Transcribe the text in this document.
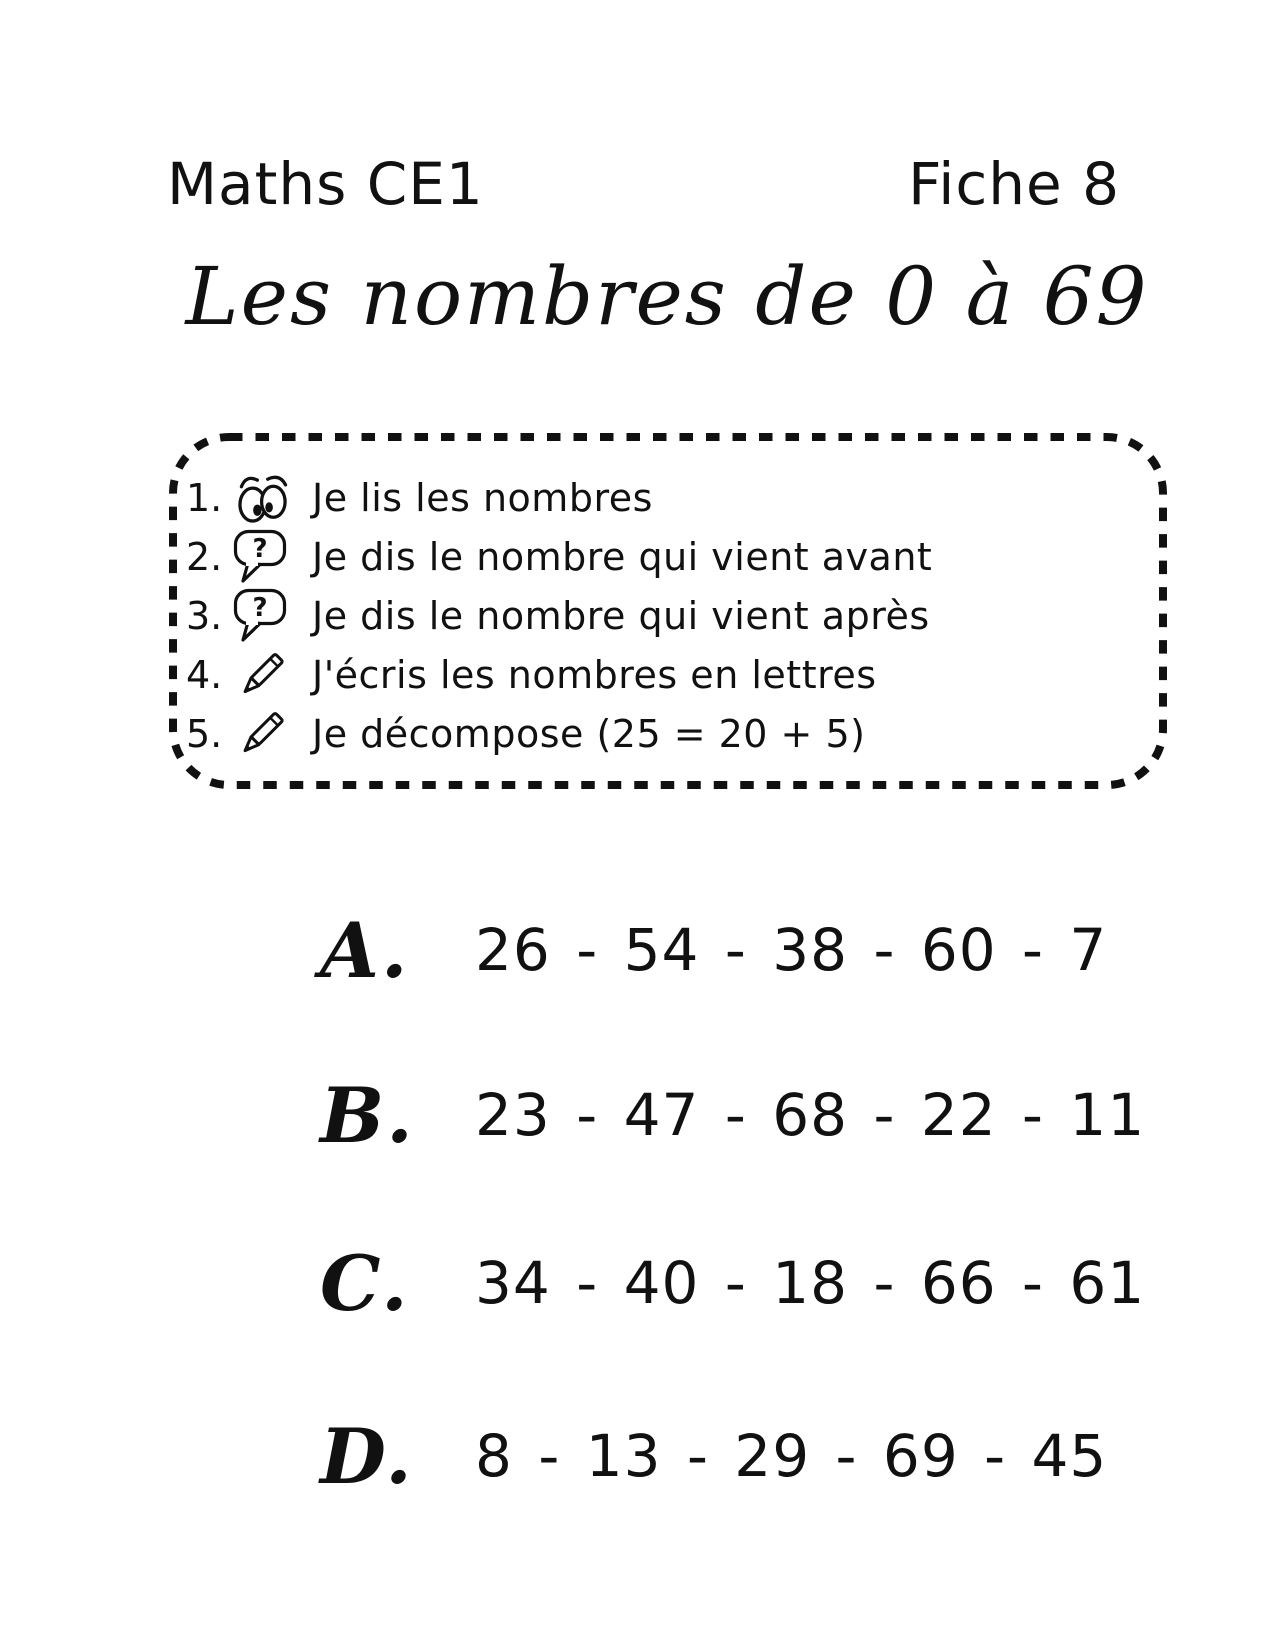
Maths CE1	Fiche 8
Les nombres de 0 à 69
1. Je lis les nombres
2.	? Je dis le nombre qui vient avant
3.	? Je dis le nombre qui vient après
4. J'écris les nombres en lettres
5. Je décompose (25 = 20 + 5)
A.	26 - 54 - 38 - 60 - 7
B.	23 - 47 - 68 - 22 - 11
C.	34 - 40 - 18 - 66 - 61
D.	8 - 13 - 29 - 69 - 45
